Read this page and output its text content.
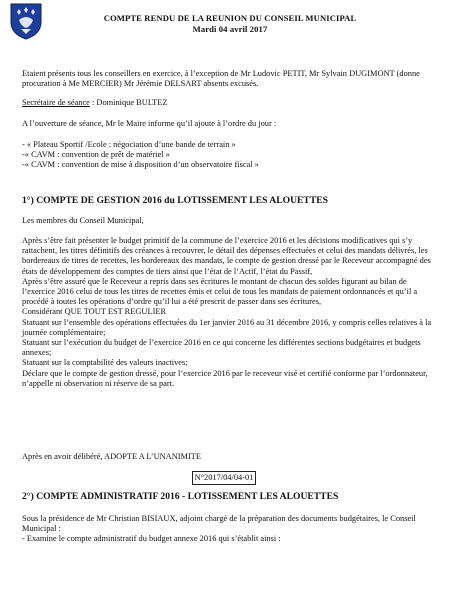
COMPTE RENDU DE LA REUNION DU CONSEIL MUNICIPAL
Mardi 04 avril 2017

Etaient présents tous les conseillers en exercice, à l’exception de Mr Ludovic PETIT, Mr Sylvain DUGIMONT (donne procuration à Me MERCIER) Mr Jérémie DELSART absents excusés.

Secrétaire de séance : Dominique BULTEZ
A l’ouverture de séance, Mr le Maire informe qu’il ajoute à l’ordre du jour :
- « Plateau Sportif /Ecole : négociation d’une bande de terrain »
-« CAVM : convention de prêt de matériel »
-« CAVM : convention de mise à disposition d’un observatoire fiscal »
1°) COMPTE DE GESTION 2016 du LOTISSEMENT LES ALOUETTES
Les membres du Conseil Municipal,

Après s’être fait présenter le budget primitif de la commune de l’exercice 2016 et les décisions modificatives qui s’y rattachent, les titres définitifs des créances à recouvrer, le détail des dépenses effectuées et celui des mandats délivrés, les bordereaux de titres de recettes, les bordereaux des mandats, le compte de gestion dressé par le Receveur accompagné des états de développement des comptes de tiers ainsi que l’état de l’Actif, l’état du Passif,

Après s’être assuré que le Receveur a repris dans ses écritures le montant de chacun des soldes figurant au bilan de l’exercice 2016 celui de tous les titres de recettes émis et celui de tous les mandats de paiement ordonnancés et qu’il a procédé à toutes les opérations d’ordre qu’il lui a été prescrit de passer dans ses écritures,

Considérant QUE TOUT EST REGULIER

Statuant sur l’ensemble des opérations effectuées du 1er janvier 2016 au 31 décembre 2016, y compris celles relatives à la journée complémentaire;

Statuant sur l’exécution du budget de l’exercice 2016 en ce qui concerne les différentes sections budgétaires et budgets annexes;

Statuant sur la comptabilité des valeurs inactives;

Déclare que le compte de gestion dressé, pour l’exercice 2016 par le receveur visé et certifié conforme par l’ordonnateur, n’appelle ni observation ni réserve de sa part.

Après en avoir délibéré, ADOPTE A L’UNANIMITE
N°2017/04/04-01
2°) COMPTE ADMINISTRATIF 2016 - LOTISSEMENT LES ALOUETTES

Sous la présidence de Mr Christian BISIAUX, adjoint chargé de la préparation des documents budgétaires, le Conseil Municipal :

- Examine le compte administratif du budget annexe 2016 qui s’établit ainsi :
